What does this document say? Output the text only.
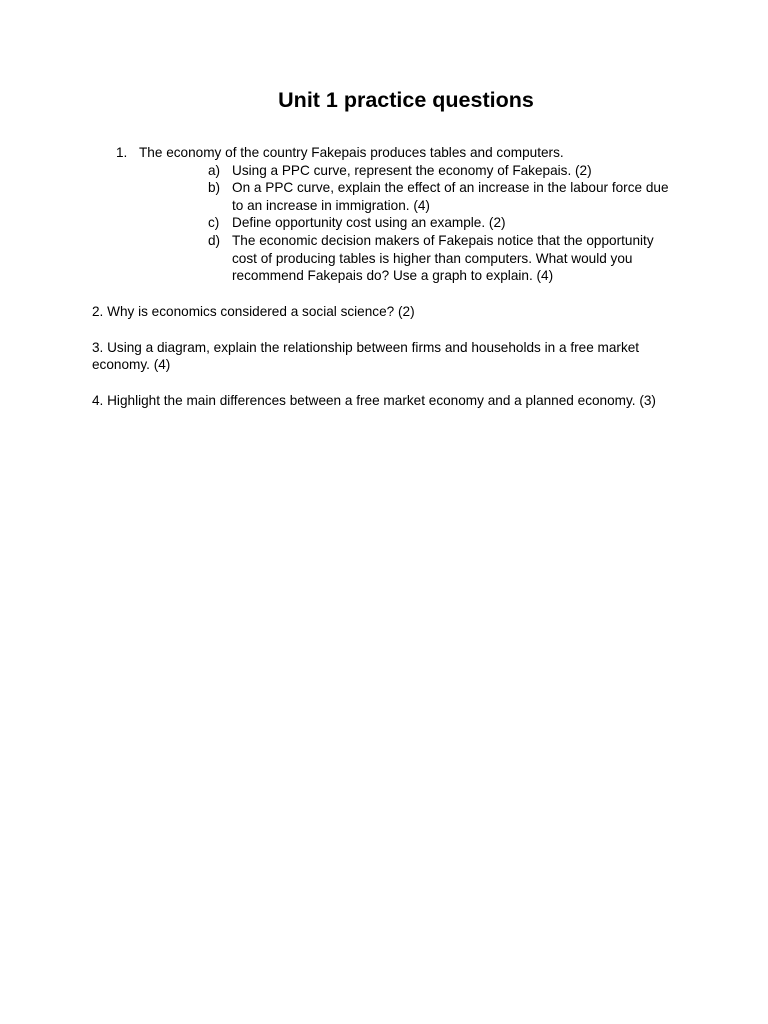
Unit 1 practice questions
1. The economy of the country Fakepais produces tables and computers.
a) Using a PPC curve, represent the economy of Fakepais. (2)
b) On a PPC curve, explain the effect of an increase in the labour force due to an increase in immigration. (4)
c) Define opportunity cost using an example. (2)
d) The economic decision makers of Fakepais notice that the opportunity cost of producing tables is higher than computers. What would you recommend Fakepais do? Use a graph to explain. (4)

2. Why is economics considered a social science? (2)

3. Using a diagram, explain the relationship between firms and households in a free market economy. (4)

4. Highlight the main differences between a free market economy and a planned economy. (3)
